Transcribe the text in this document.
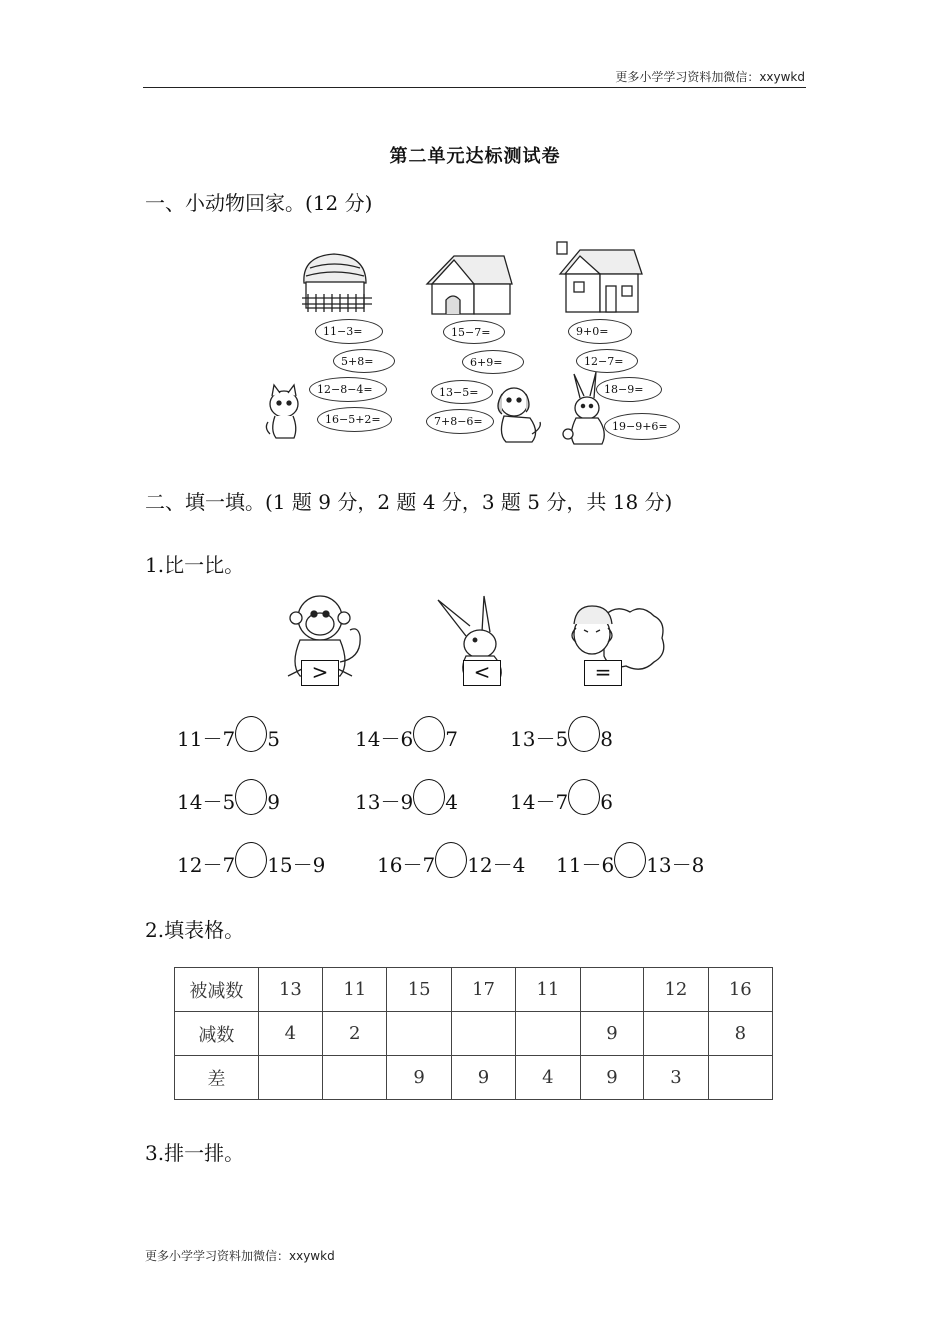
更多小学学习资料加微信：xxywkd
第二单元达标测试卷
一、小动物回家。(12 分)
11−3=
5+8=
12−8−4=
16−5+2=
15−7=
6+9=
13−5=
7+8−6=
9+0=
12−7=
18−9=
19−9+6=
二、填一填。(1 题 9 分，2 题 4 分，3 题 5 分，共 18 分)
1.比一比。
>	<	=
11－7 5	14－6 7	13－5 8
14－5 9	13－9 4	14－7 6
12－7 15－9	16－7 12－4 11－6 13－8
2.填表格。
被减数	13	11	15	17	11		12	16
减数	4	2				9		8
差			9	9	4	9	3	
3.排一排。
更多小学学习资料加微信：xxywkd
